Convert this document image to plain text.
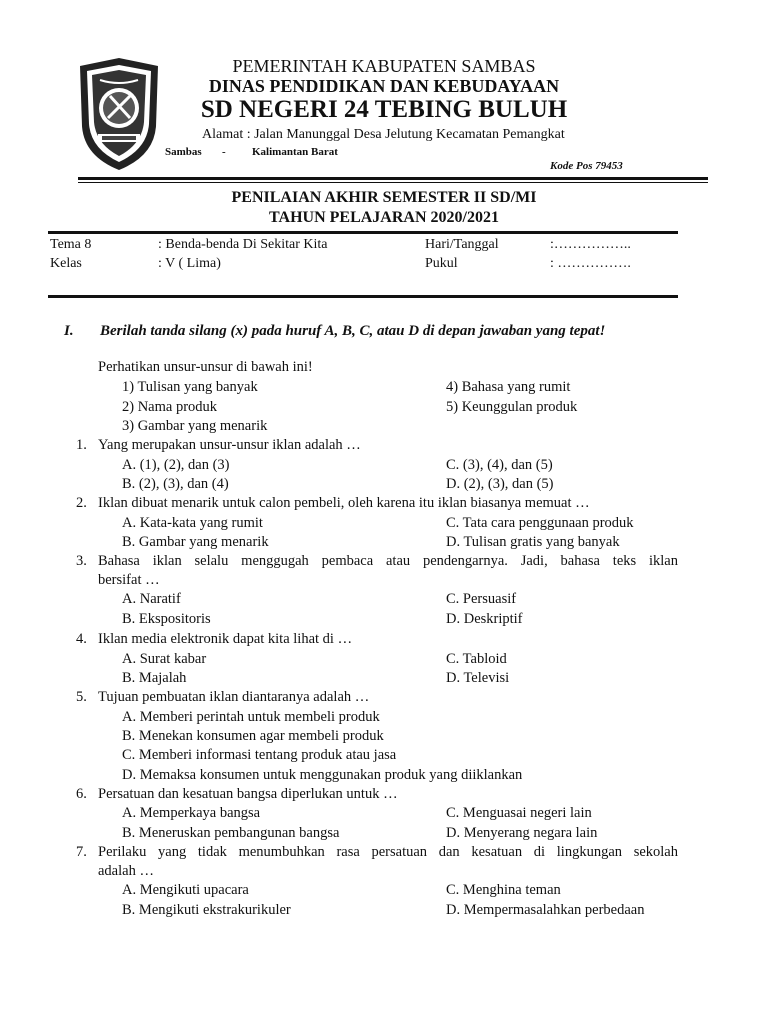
PEMERINTAH KABUPATEN SAMBAS
DINAS PENDIDIKAN DAN KEBUDAYAAN
SD NEGERI 24 TEBING BULUH
Alamat : Jalan Manunggal Desa Jelutung Kecamatan Pemangkat
Sambas - Kalimantan Barat
Kode Pos 79453
PENILAIAN AKHIR SEMESTER II SD/MI
TAHUN PELAJARAN 2020/2021
Tema 8	: Benda-benda Di Sekitar Kita	Hari/Tanggal	:……………..
Kelas	: V ( Lima)	Pukul	: …………….
I. Berilah tanda silang (x) pada huruf A, B, C, atau D di depan jawaban yang tepat!
Perhatikan unsur-unsur di bawah ini!
1) Tulisan yang banyak	4) Bahasa yang rumit
2) Nama produk	5) Keunggulan produk
3) Gambar yang menarik
1. Yang merupakan unsur-unsur iklan adalah …
A. (1), (2), dan (3)	C. (3), (4), dan (5)
B. (2), (3), dan (4)	D. (2), (3), dan (5)
2. Iklan dibuat menarik untuk calon pembeli, oleh karena itu iklan biasanya memuat …
A. Kata-kata yang rumit	C. Tata cara penggunaan produk
B. Gambar yang menarik	D. Tulisan gratis yang banyak
3. Bahasa iklan selalu menggugah pembaca atau pendengarnya. Jadi, bahasa teks iklan
bersifat …
A. Naratif	C. Persuasif
B. Ekspositoris	D. Deskriptif
4. Iklan media elektronik dapat kita lihat di …
A. Surat kabar	C. Tabloid
B. Majalah	D. Televisi
5. Tujuan pembuatan iklan diantaranya adalah …
A. Memberi perintah untuk membeli produk
B. Menekan konsumen agar membeli produk
C. Memberi informasi tentang produk atau jasa
D. Memaksa konsumen untuk menggunakan produk yang diiklankan
6. Persatuan dan kesatuan bangsa diperlukan untuk …
A. Memperkaya bangsa	C. Menguasai negeri lain
B. Meneruskan pembangunan bangsa	D. Menyerang negara lain
7. Perilaku yang tidak menumbuhkan rasa persatuan dan kesatuan di lingkungan sekolah
adalah …
A. Mengikuti upacara	C. Menghina teman
B. Mengikuti ekstrakurikuler	D. Mempermasalahkan perbedaan
